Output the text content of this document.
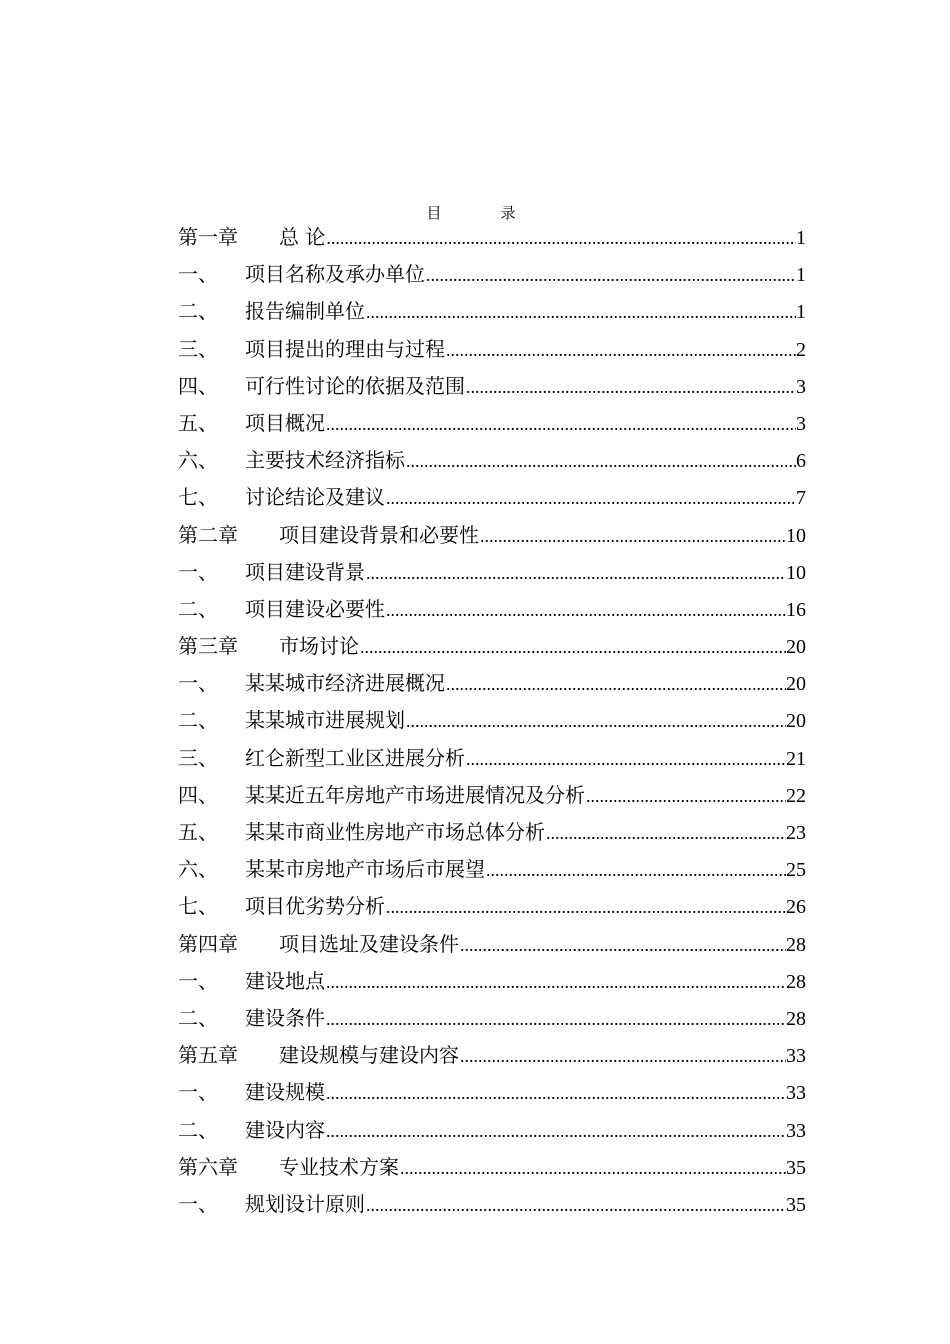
目　录
第一章	总 论 .....	1
一、	项目名称及承办单位 .....	1
二、	报告编制单位 .....	1
三、	项目提出的理由与过程 .....	2
四、	可行性讨论的依据及范围 .....	3
五、	项目概况 .....	3
六、	主要技术经济指标 .....	6
七、	讨论结论及建议 .....	7
第二章	项目建设背景和必要性 .....	10
一、	项目建设背景 .....	10
二、	项目建设必要性 .....	16
第三章	市场讨论 .....	20
一、	某某城市经济进展概况 .....	20
二、	某某城市进展规划 .....	20
三、	红仑新型工业区进展分析 .....	21
四、	某某近五年房地产市场进展情况及分析 .....	22
五、	某某市商业性房地产市场总体分析 .....	23
六、	某某市房地产市场后市展望 .....	25
七、	项目优劣势分析 .....	26
第四章	项目选址及建设条件 .....	28
一、	建设地点 .....	28
二、	建设条件 .....	28
第五章	建设规模与建设内容 .....	33
一、	建设规模 .....	33
二、	建设内容 .....	33
第六章	专业技术方案 .....	35
一、	规划设计原则 .....	35
